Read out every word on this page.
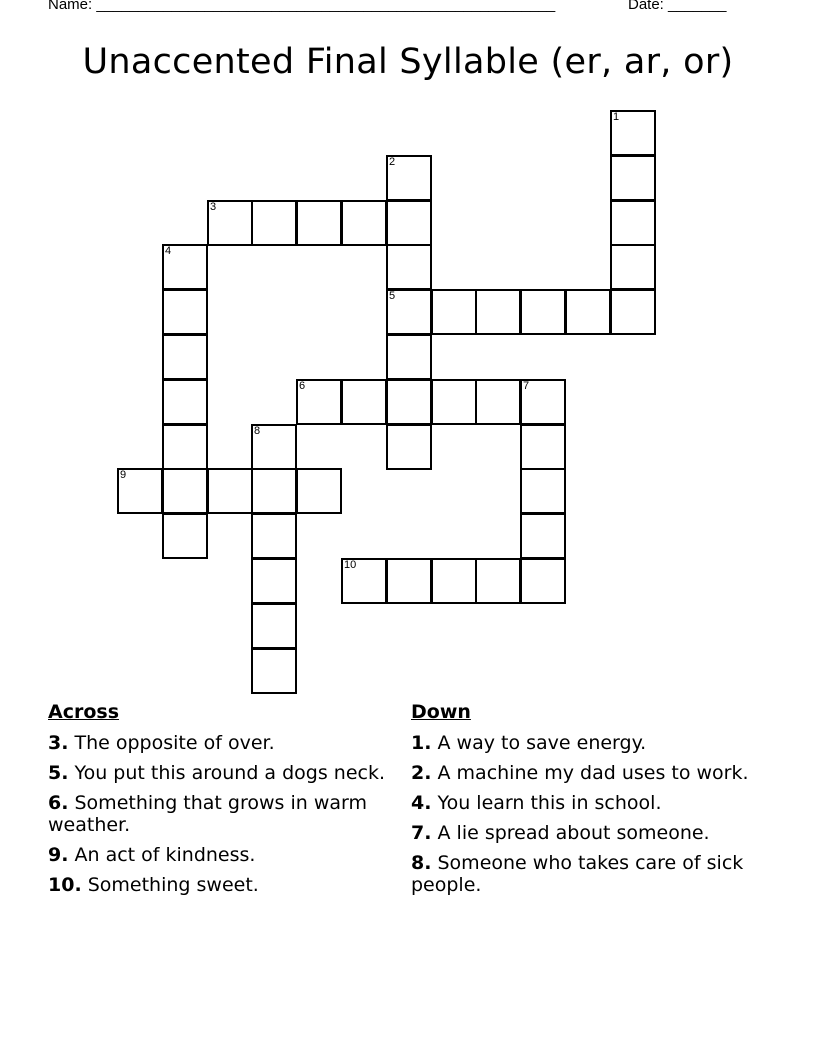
Name: _______________________________________________________	Date: _______
Unaccented Final Syllable (er, ar, or)
1
2
5
3
4
6	7
8
9
10
Across
3. The opposite of over.
5. You put this around a dogs neck.
6. Something that grows in warm weather.
9. An act of kindness.
10. Something sweet.
Down
1. A way to save energy.
2. A machine my dad uses to work.
4. You learn this in school.
7. A lie spread about someone.
8. Someone who takes care of sick people.
